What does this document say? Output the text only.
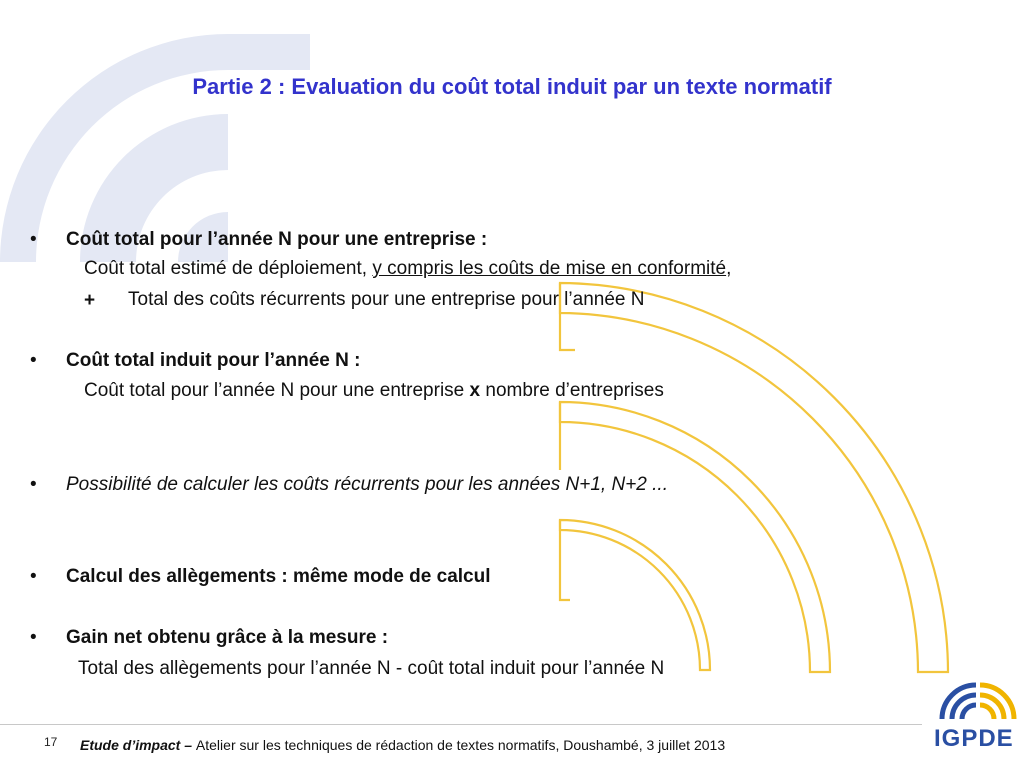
Partie 2 : Evaluation du coût total induit par un texte normatif
• Coût total pour l’année N pour une entreprise :
Coût total estimé de déploiement, y compris les coûts de mise en conformité,
+ Total des coûts récurrents pour une entreprise pour l’année N
• Coût total induit pour l’année N :
Coût total pour l’année N pour une entreprise x nombre d’entreprises
• Possibilité de calculer les coûts récurrents pour les années N+1, N+2 ...
• Calcul des allègements : même mode de calcul
• Gain net obtenu grâce à la mesure :
Total des allègements pour l’année N - coût total induit pour l’année N
17 Etude d’impact – Atelier sur les techniques de rédaction de textes normatifs, Doushambé, 3 juillet 2013	IGPDE
